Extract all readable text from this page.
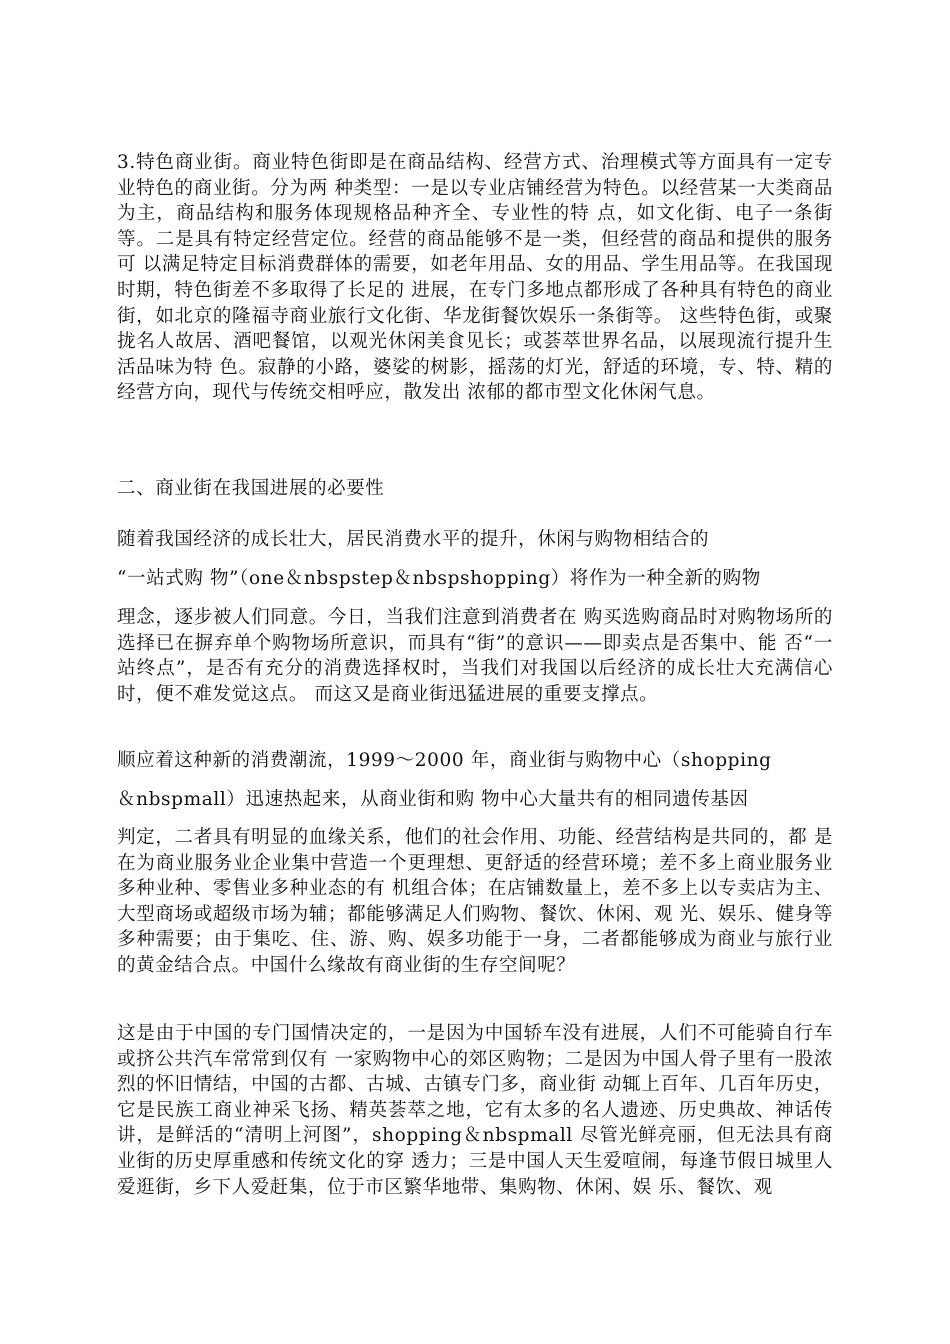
3.特色商业街。商业特色街即是在商品结构、经营方式、治理模式等方面具有一定专业特色的商业街。分为两 种类型：一是以专业店铺经营为特色。以经营某一大类商品为主，商品结构和服务体现规格品种齐全、专业性的特 点，如文化街、电子一条街等。二是具有特定经营定位。经营的商品能够不是一类，但经营的商品和提供的服务可 以满足特定目标消费群体的需要，如老年用品、女的用品、学生用品等。在我国现时期，特色街差不多取得了长足的 进展，在专门多地点都形成了各种具有特色的商业街，如北京的隆福寺商业旅行文化街、华龙街餐饮娱乐一条街等。 这些特色街，或聚拢名人故居、酒吧餐馆，以观光休闲美食见长；或荟萃世界名品，以展现流行提升生活品味为特 色。寂静的小路，婆娑的树影，摇荡的灯光，舒适的环境，专、特、精的经营方向，现代与传统交相呼应，散发出 浓郁的都市型文化休闲气息。

二、商业街在我国进展的必要性

随着我国经济的成长壮大，居民消费水平的提升，休闲与购物相结合的

“一站式购 物”（one＆nbspstep＆nbspshopping）将作为一种全新的购物

理念，逐步被人们同意。今日，当我们注意到消费者在 购买选购商品时对购物场所的选择已在摒弃单个购物场所意识，而具有“街”的意识——即卖点是否集中、能 否“一站终点”，是否有充分的消费选择权时，当我们对我国以后经济的成长壮大充满信心时，便不难发觉这点。 而这又是商业街迅猛进展的重要支撑点。

顺应着这种新的消费潮流，1999～2000 年，商业街与购物中心（shopping

＆nbspmall）迅速热起来，从商业街和购 物中心大量共有的相同遗传基因

判定，二者具有明显的血缘关系，他们的社会作用、功能、经营结构是共同的，都 是在为商业服务业企业集中营造一个更理想、更舒适的经营环境；差不多上商业服务业多种业种、零售业多种业态的有 机组合体；在店铺数量上，差不多上以专卖店为主、大型商场或超级市场为辅；都能够满足人们购物、餐饮、休闲、观 光、娱乐、健身等多种需要；由于集吃、住、游、购、娱多功能于一身，二者都能够成为商业与旅行业的黄金结合点。中国什么缘故有商业街的生存空间呢？

这是由于中国的专门国情决定的，一是因为中国轿车没有进展，人们不可能骑自行车或挤公共汽车常常到仅有 一家购物中心的郊区购物；二是因为中国人骨子里有一股浓烈的怀旧情结，中国的古都、古城、古镇专门多，商业街 动辄上百年、几百年历史，它是民族工商业神采飞扬、精英荟萃之地，它有太多的名人遗迹、历史典故、神话传 讲，是鲜活的“清明上河图”，shopping＆nbspmall 尽管光鲜亮丽，但无法具有商业街的历史厚重感和传统文化的穿 透力；三是中国人天生爱喧闹，每逢节假日城里人爱逛街，乡下人爱赶集，位于市区繁华地带、集购物、休闲、娱 乐、餐饮、观
